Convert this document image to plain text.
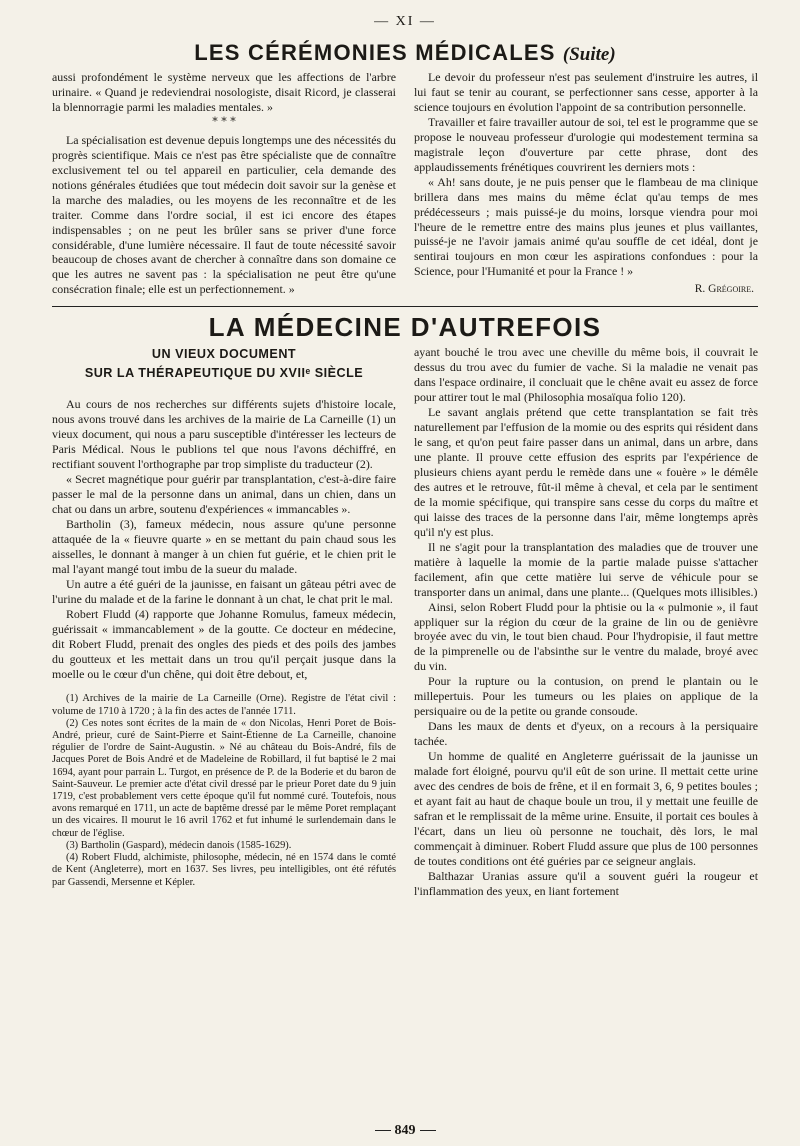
— XI —
LES CÉRÉMONIES MÉDICALES (Suite)

aussi profondément le système nerveux que les affections de l'arbre urinaire. « Quand je redeviendrai nosologiste, disait Ricord, je classerai la blennorragie parmi les maladies mentales. »

* * *

La spécialisation est devenue depuis longtemps une des nécessités du progrès scientifique. Mais ce n'est pas être spécialiste que de connaître exclusivement tel ou tel appareil en particulier, cela demande des notions générales étudiées que tout médecin doit savoir sur la genèse et la marche des maladies, ou les moyens de les reconnaître et de les traiter. Comme dans l'ordre social, il est ici encore des étapes indispensables ; on ne peut les brûler sans se priver d'une force considérable, d'une lumière nécessaire. Il faut de toute nécessité savoir beaucoup de choses avant de chercher à connaître dans son domaine ce que les autres ne savent pas : la spécialisation ne peut être qu'une consécration finale; elle est un perfectionnement. »

Le devoir du professeur n'est pas seulement d'instruire les autres, il lui faut se tenir au courant, se perfectionner sans cesse, apporter à la science toujours en évolution l'appoint de sa contribution personnelle.

Travailler et faire travailler autour de soi, tel est le programme que se propose le nouveau professeur d'urologie qui modestement termina sa magistrale leçon d'ouverture par cette phrase, dont des applaudissements frénétiques couvrirent les derniers mots :

« Ah! sans doute, je ne puis penser que le flambeau de ma clinique brillera dans mes mains du même éclat qu'au temps de mes prédécesseurs ; mais puissé-je du moins, lorsque viendra pour moi l'heure de le remettre entre des mains plus jeunes et plus vaillantes, puissé-je ne l'avoir jamais animé qu'au souffle de cet idéal, dont je sentirai toujours en mon cœur les aspirations confondues : pour la Science, pour l'Humanité et pour la France ! »

R. Grégoire.
LA MÉDECINE D'AUTREFOIS
UN VIEUX DOCUMENT
SUR LA THÉRAPEUTIQUE DU XVIIᵉ SIÈCLE

Au cours de nos recherches sur différents sujets d'histoire locale, nous avons trouvé dans les archives de la mairie de La Carneille (1) un vieux document, qui nous a paru susceptible d'intéresser les lecteurs de Paris Médical. Nous le publions tel que nous l'avons déchiffré, en rectifiant souvent l'orthographe par trop simpliste du traducteur (2).

« Secret magnétique pour guérir par transplantation, c'est-à-dire faire passer le mal de la personne dans un animal, dans un chien, dans un chat ou dans un arbre, soutenu d'expériences « immancables ».

Bartholin (3), fameux médecin, nous assure qu'une personne attaquée de la « fieuvre quarte » en se mettant du pain chaud sous les aisselles, le donnant à manger à un chien fut guérie, et le chien prit le mal l'ayant mangé tout imbu de la sueur du malade.

Un autre a été guéri de la jaunisse, en faisant un gâteau pétri avec de l'urine du malade et de la farine le donnant à un chat, le chat prit le mal.

Robert Fludd (4) rapporte que Johanne Romulus, fameux médecin, guérissait « immancablement » de la goutte. Ce docteur en médecine, dit Robert Fludd, prenait des ongles des pieds et des poils des jambes du goutteux et les mettait dans un trou qu'il perçait jusque dans la moelle ou le cœur d'un chêne, qui doit être debout, et,

(1) Archives de la mairie de La Carneille (Orne). Registre de l'état civil : volume de 1710 à 1720 ; à la fin des actes de l'année 1711.

(2) Ces notes sont écrites de la main de « don Nicolas, Henri Poret de Bois-André, prieur, curé de Saint-Pierre et Saint-Étienne de La Carneille, chanoine régulier de l'ordre de Saint-Augustin. » Né au château du Bois-André, fils de Jacques Poret de Bois André et de Madeleine de Robillard, il fut baptisé le 2 mai 1694, ayant pour parrain L. Turgot, en présence de P. de la Boderie et du baron de Saint-Sauveur. Le premier acte d'état civil dressé par le prieur Poret date du 9 juin 1719, c'est probablement vers cette époque qu'il fut nommé curé. Toutefois, nous avons remarqué en 1711, un acte de baptême dressé par le même Poret remplaçant un des vicaires. Il mourut le 16 avril 1762 et fut inhumé le surlendemain dans le chœur de l'église.

(3) Bartholin (Gaspard), médecin danois (1585-1629).

(4) Robert Fludd, alchimiste, philosophe, médecin, né en 1574 dans le comté de Kent (Angleterre), mort en 1637. Ses livres, peu intelligibles, ont été réfutés par Gassendi, Mersenne et Képler.

ayant bouché le trou avec une cheville du même bois, il couvrait le dessus du trou avec du fumier de vache. Si la maladie ne venait pas dans l'espace ordinaire, il concluait que le chêne avait eu assez de force pour attirer tout le mal (Philosophia mosaïqua folio 120).

Le savant anglais prétend que cette transplantation se fait très naturellement par l'effusion de la momie ou des esprits qui résident dans le sang, et qu'on peut faire passer dans un animal, dans un arbre, dans une plante. Il prouve cette effusion des esprits par l'expérience de plusieurs chiens ayant perdu le remède dans une « fouère » le démêle des autres et le retrouve, fût-il même à cheval, et cela par le sentiment de la momie spécifique, qui transpire sans cesse du corps du maître et qui laisse des traces de la personne dans l'air, même longtemps après qu'il n'y est plus.

Il ne s'agit pour la transplantation des maladies que de trouver une matière à laquelle la momie de la partie malade puisse s'attacher facilement, afin que cette matière lui serve de véhicule pour se transporter dans un animal, dans une plante... (Quelques mots illisibles.)

Ainsi, selon Robert Fludd pour la phtisie ou la « pulmonie », il faut appliquer sur la région du cœur de la graine de lin ou de genièvre broyée avec du vin, le tout bien chaud. Pour l'hydropisie, il faut mettre de la pimprenelle ou de l'absinthe sur le ventre du malade, broyé avec du vin.

Pour la rupture ou la contusion, on prend le plantain ou le millepertuis. Pour les tumeurs ou les plaies on applique de la persiquaire ou de la petite ou grande consoude.

Dans les maux de dents et d'yeux, on a recours à la persiquaire tachée.

Un homme de qualité en Angleterre guérissait de la jaunisse un malade fort éloigné, pourvu qu'il eût de son urine. Il mettait cette urine avec des cendres de bois de frêne, et il en formait 3, 6, 9 petites boules ; et ayant fait au haut de chaque boule un trou, il y mettait une feuille de safran et le remplissait de la même urine. Ensuite, il portait ces boules à l'écart, dans un lieu où personne ne touchait, dès lors, le mal commençait à diminuer. Robert Fludd assure que plus de 100 personnes de toutes conditions ont été guéries par ce seigneur anglais.

Balthazar Uranias assure qu'il a souvent guéri la rougeur et l'inflammation des yeux, en liant fortement

849
